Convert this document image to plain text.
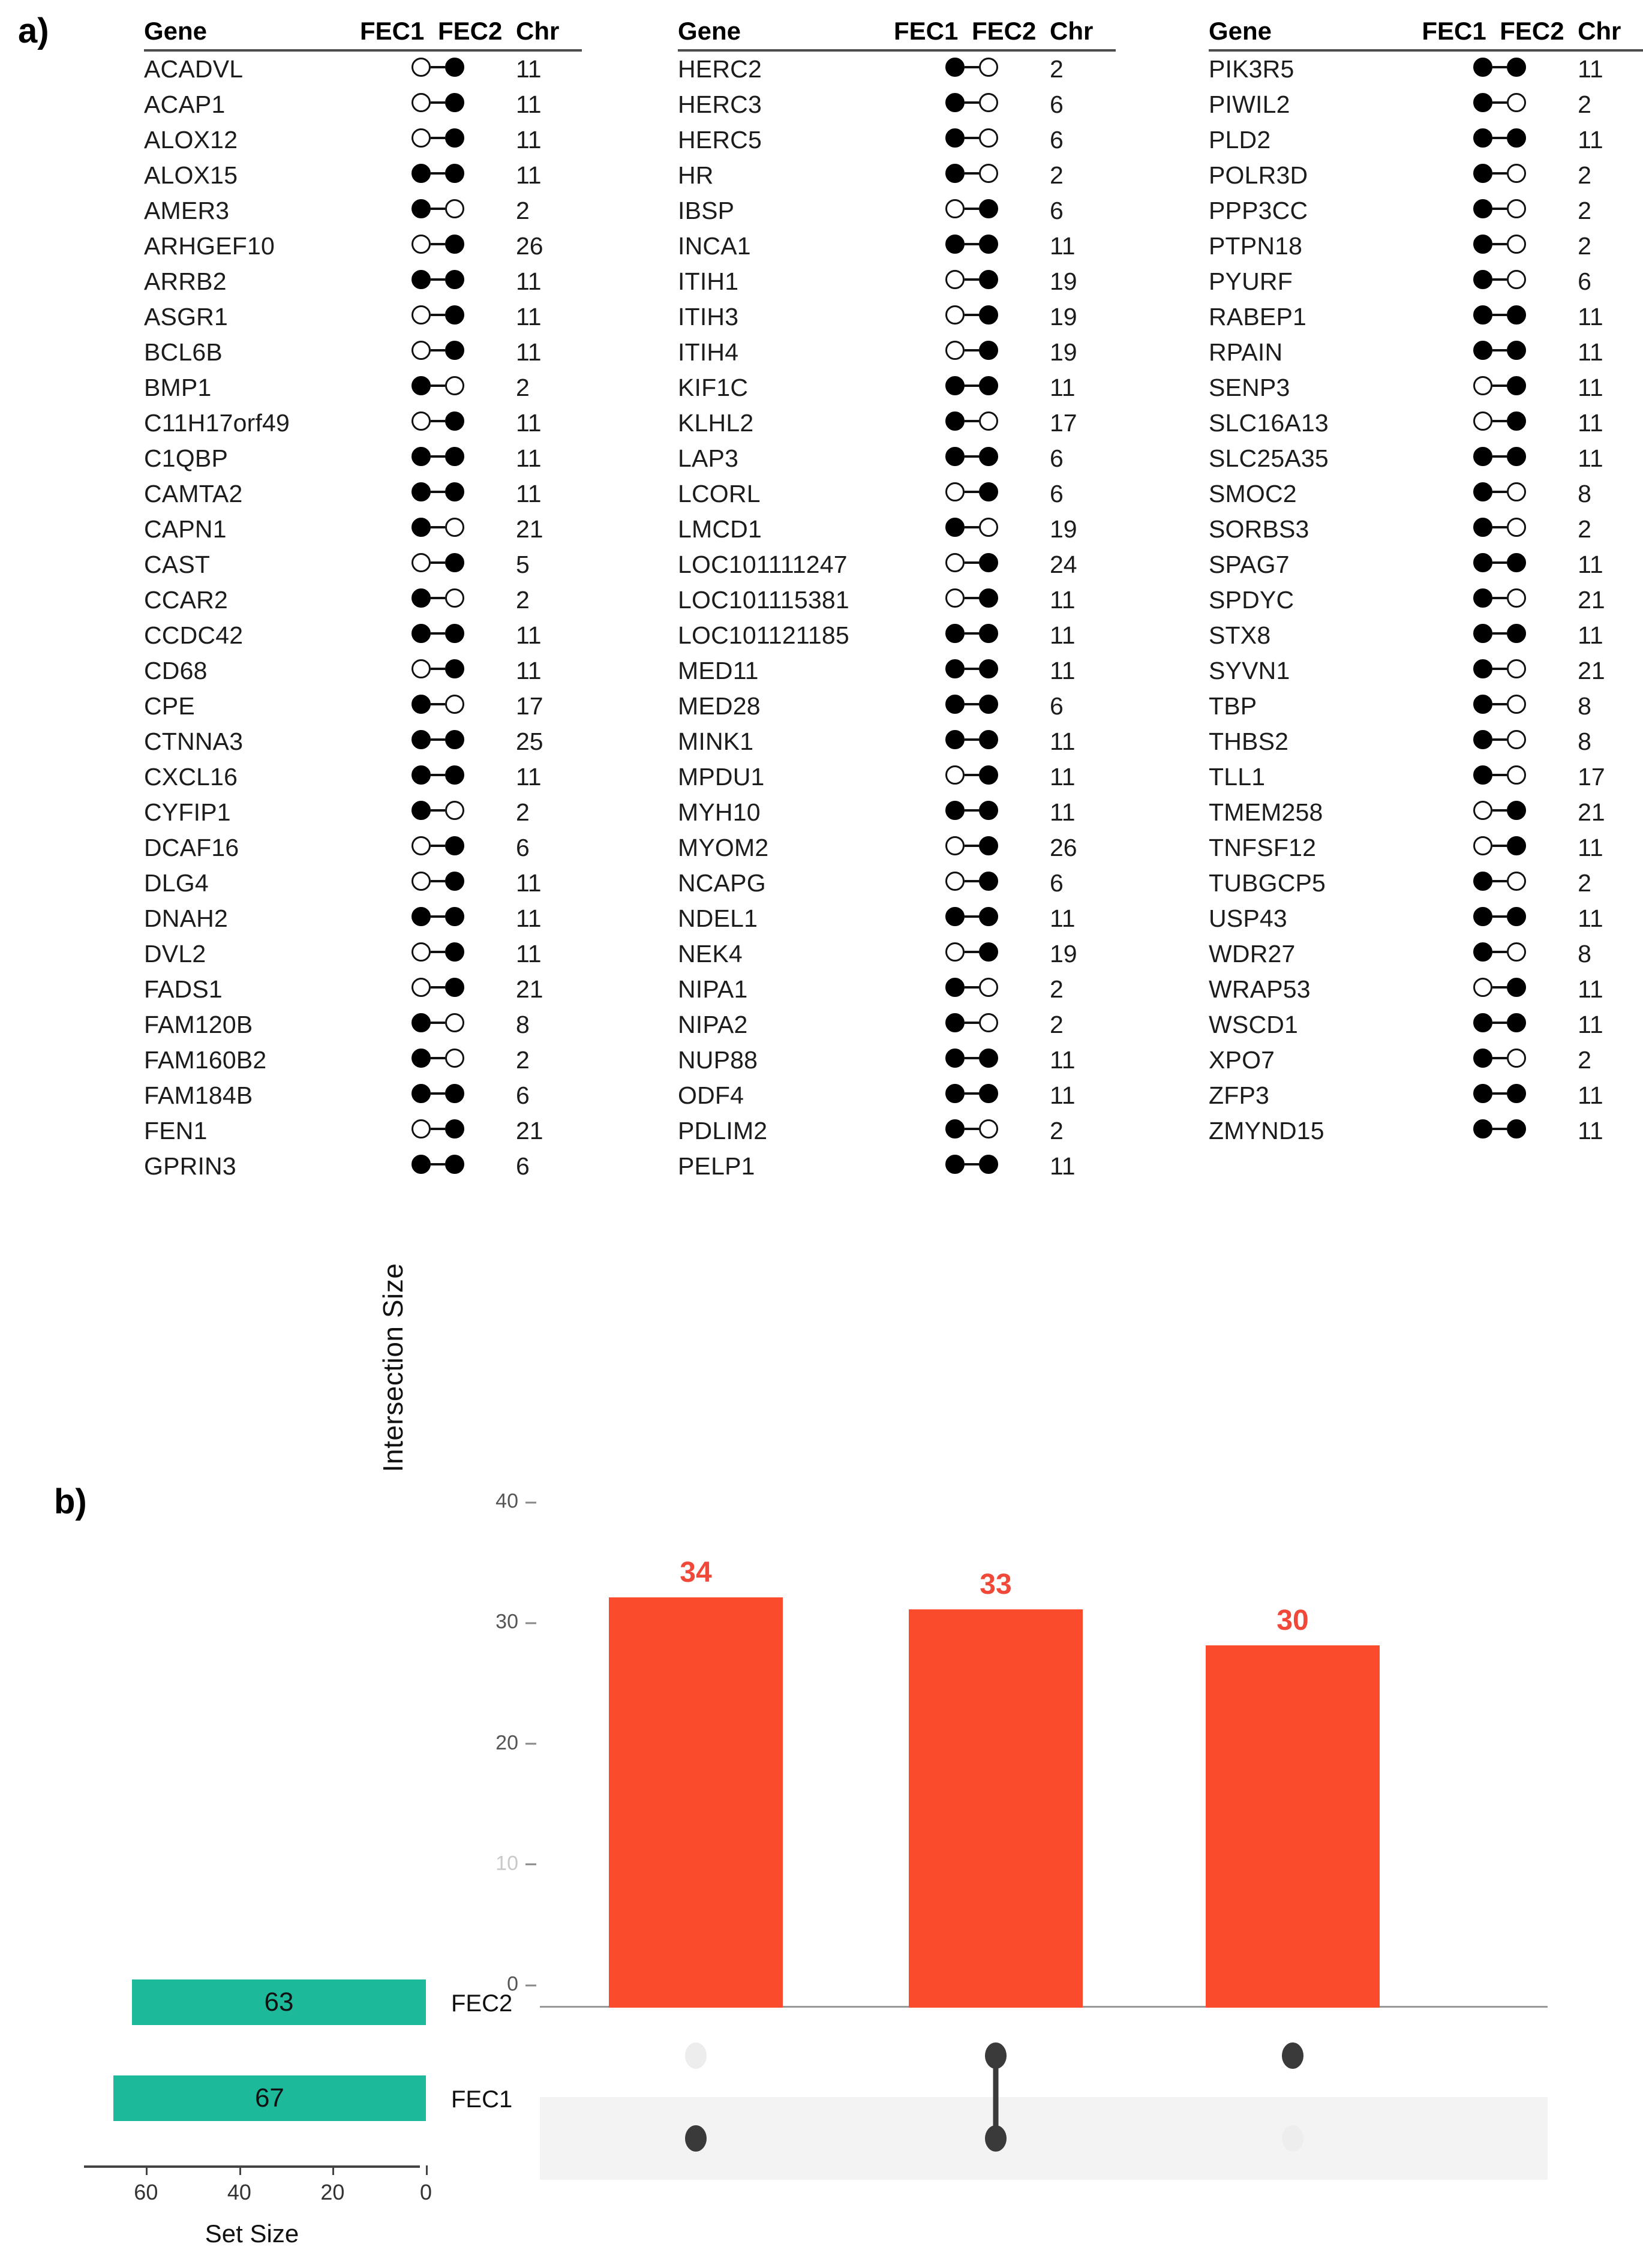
a)	Gene	FEC1	FEC2	Chr
ACADVL			11
ACAP1			11
ALOX12			11
ALOX15			11
AMER3			2
ARHGEF10			26
ARRB2			11
ASGR1			11
BCL6B			11
BMP1			2
C11H17orf49			11
C1QBP			11
CAMTA2			11
CAPN1			21
CAST			5
CCAR2			2
CCDC42			11
CD68			11
CPE			17
CTNNA3			25
CXCL16			11
CYFIP1			2
DCAF16			6
DLG4			11
DNAH2			11
DVL2			11
FADS1			21
FAM120B			8
FAM160B2			2
FAM184B			6
FEN1			21
GPRIN3			6
Gene	FEC1	FEC2	Chr
HERC2			2
HERC3			6
HERC5			6
HR			2
IBSP			6
INCA1			11
ITIH1			19
ITIH3			19
ITIH4			19
KIF1C			11
KLHL2			17
LAP3			6
LCORL			6
LMCD1			19
LOC101111247			24
LOC101115381			11
LOC101121185			11
MED11			11
MED28			6
MINK1			11
MPDU1			11
MYH10			11
MYOM2			26
NCAPG			6
NDEL1			11
NEK4			19
NIPA1			2
NIPA2			2
NUP88			11
ODF4			11
PDLIM2			2
PELP1			11
Gene	FEC1	FEC2	Chr
PIK3R5			11
PIWIL2			2
PLD2			11
POLR3D			2
PPP3CC			2
PTPN18			2
PYURF			6
RABEP1			11
RPAIN			11
SENP3			11
SLC16A13			11
SLC25A35			11
SMOC2			8
SORBS3			2
SPAG7			11
SPDYC			21
STX8			11
SYVN1			21
TBP			8
THBS2			8
TLL1			17
TMEM258			21
TNFSF12			11
TUBGCP5			2
USP43			11
WDR27			8
WRAP53			11
WSCD1			11
XPO7			2
ZFP3			11
ZMYND15			11
b)
Intersection Size
0
10
20
30
40
34	33
30
63	FEC2
67	FEC1
60	40	20	0
Set Size
